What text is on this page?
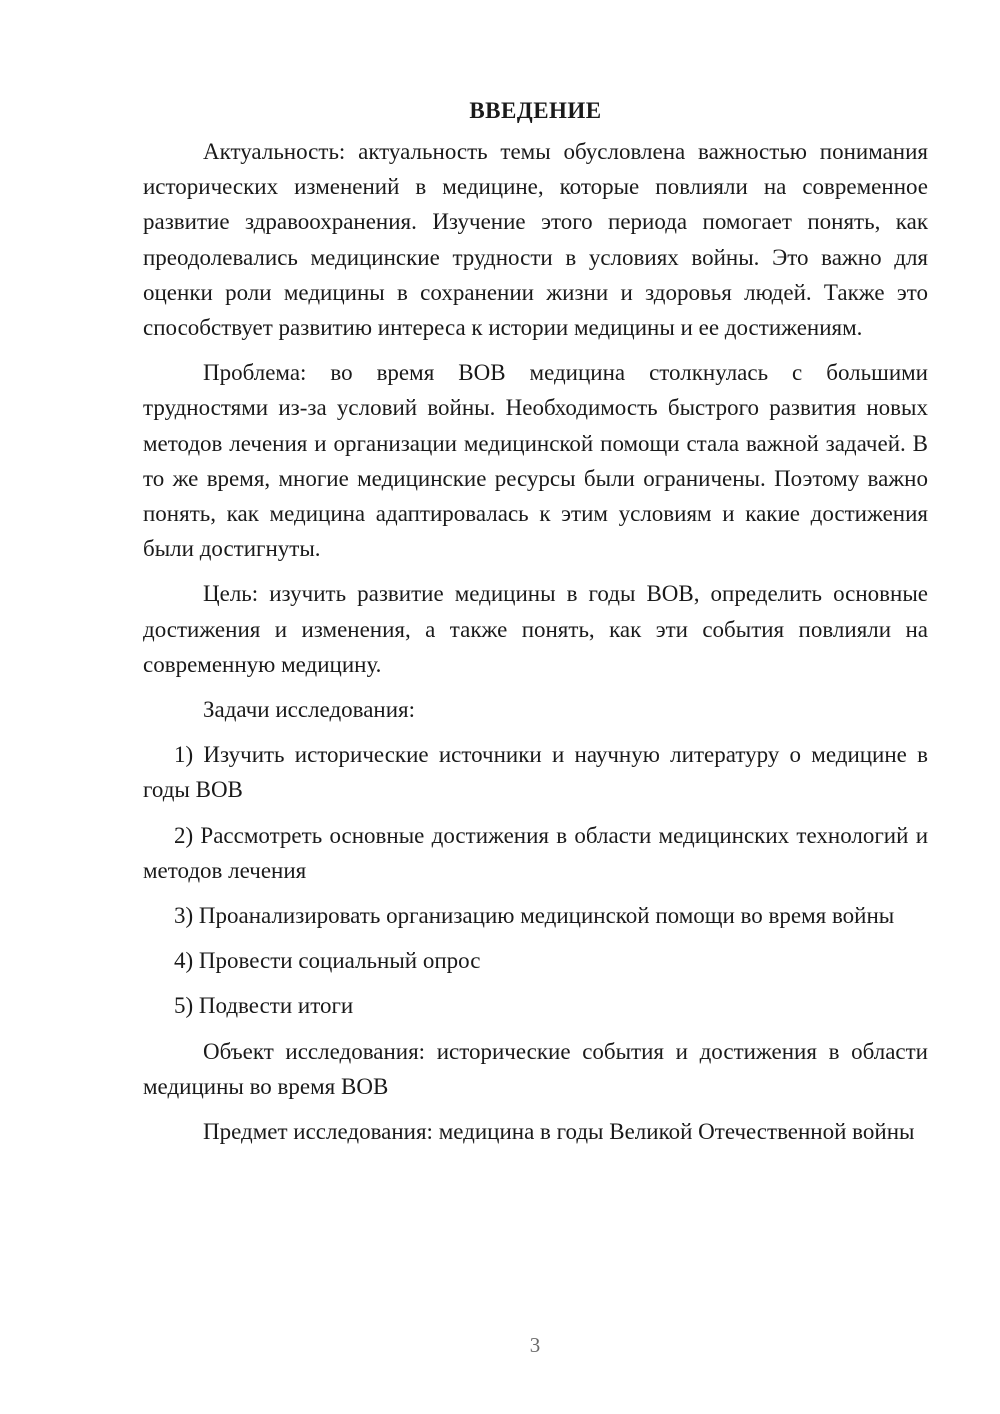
ВВЕДЕНИЕ

Актуальность: актуальность темы обусловлена важностью понимания исторических изменений в медицине, которые повлияли на современное развитие здравоохранения. Изучение этого периода помогает понять, как преодолевались медицинские трудности в условиях войны. Это важно для оценки роли медицины в сохранении жизни и здоровья людей. Также это способствует развитию интереса к истории медицины и ее достижениям.

Проблема: во время ВОВ медицина столкнулась с большими трудностями из-за условий войны. Необходимость быстрого развития новых методов лечения и организации медицинской помощи стала важной задачей. В то же время, многие медицинские ресурсы были ограничены. Поэтому важно понять, как медицина адаптировалась к этим условиям и какие достижения были достигнуты.

Цель: изучить развитие медицины в годы ВОВ, определить основные достижения и изменения, а также понять, как эти события повлияли на современную медицину.

Задачи исследования:

1) Изучить исторические источники и научную литературу о медицине в годы ВОВ

2) Рассмотреть основные достижения в области медицинских технологий и методов лечения

3) Проанализировать организацию медицинской помощи во время войны

4) Провести социальный опрос

5) Подвести итоги

Объект исследования: исторические события и достижения в области медицины во время ВОВ

Предмет исследования: медицина в годы Великой Отечественной войны

3
